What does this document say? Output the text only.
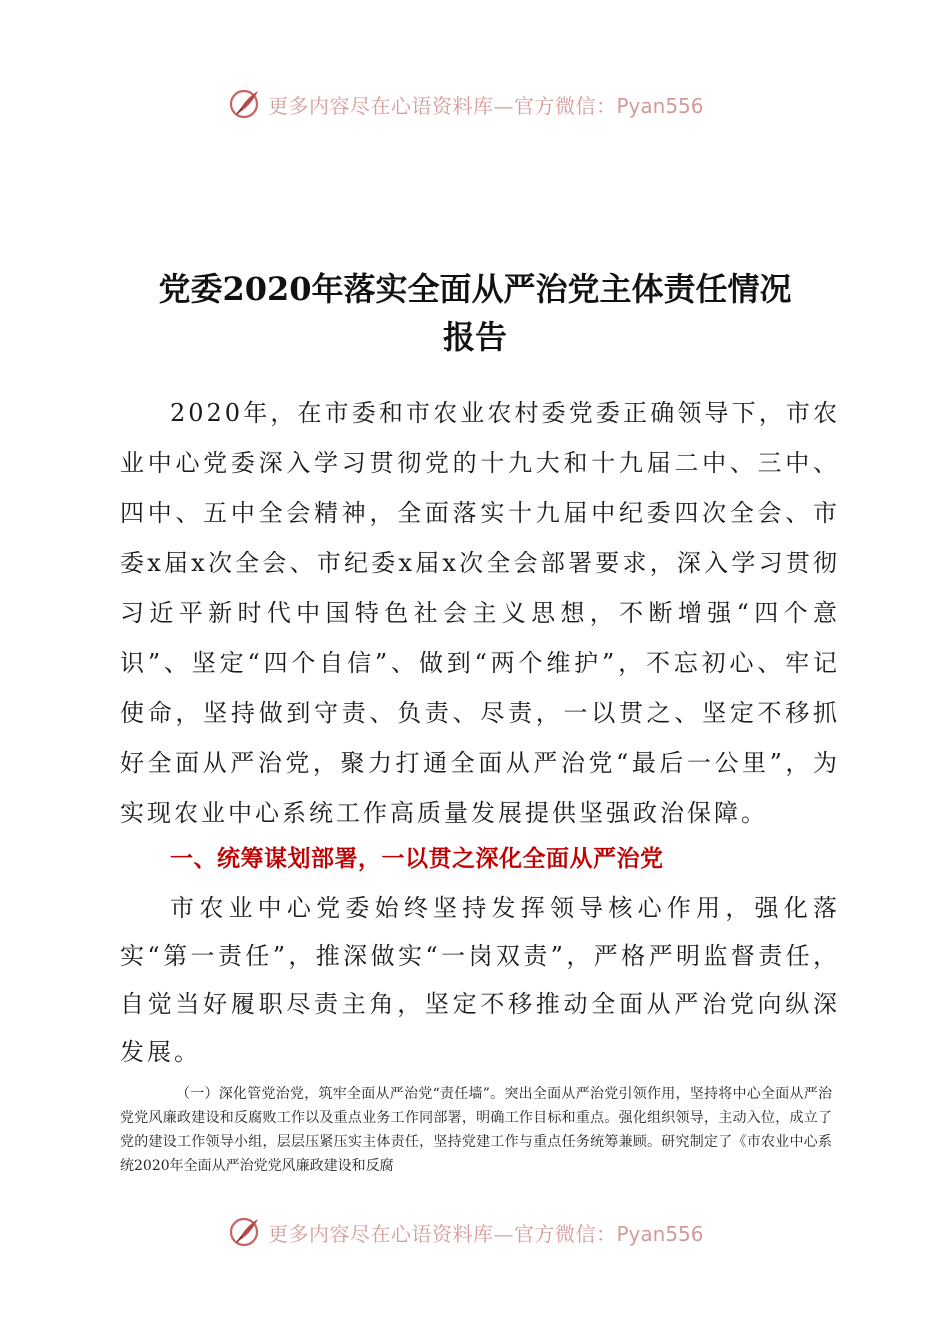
更多内容尽在心语资料库—官方微信：Pyan556
党委2020年落实全面从严治党主体责任情况
报告

2020年，在市委和市农业农村委党委正确领导下，市农业中心党委深入学习贯彻党的十九大和十九届二中、三中、四中、五中全会精神，全面落实十九届中纪委四次全会、市委x届x次全会、市纪委x届x次全会部署要求，深入学习贯彻习近平新时代中国特色社会主义思想，不断增强“四个意识”、坚定“四个自信”、做到“两个维护”，不忘初心、牢记使命，坚持做到守责、负责、尽责，一以贯之、坚定不移抓好全面从严治党，聚力打通全面从严治党“最后一公里”，为实现农业中心系统工作高质量发展提供坚强政治保障。

一、统筹谋划部署，一以贯之深化全面从严治党

市农业中心党委始终坚持发挥领导核心作用，强化落实“第一责任”，推深做实“一岗双责”，严格严明监督责任，自觉当好履职尽责主角，坚定不移推动全面从严治党向纵深发展。

（一）深化管党治党，筑牢全面从严治党“责任墙”。突出全面从严治党引领作用，坚持将中心全面从严治党党风廉政建设和反腐败工作以及重点业务工作同部署，明确工作目标和重点。强化组织领导，主动入位，成立了党的建设工作领导小组，层层压紧压实主体责任，坚持党建工作与重点任务统筹兼顾。研究制定了《市农业中心系统2020年全面从严治党党风廉政建设和反腐

更多内容尽在心语资料库—官方微信：Pyan556
